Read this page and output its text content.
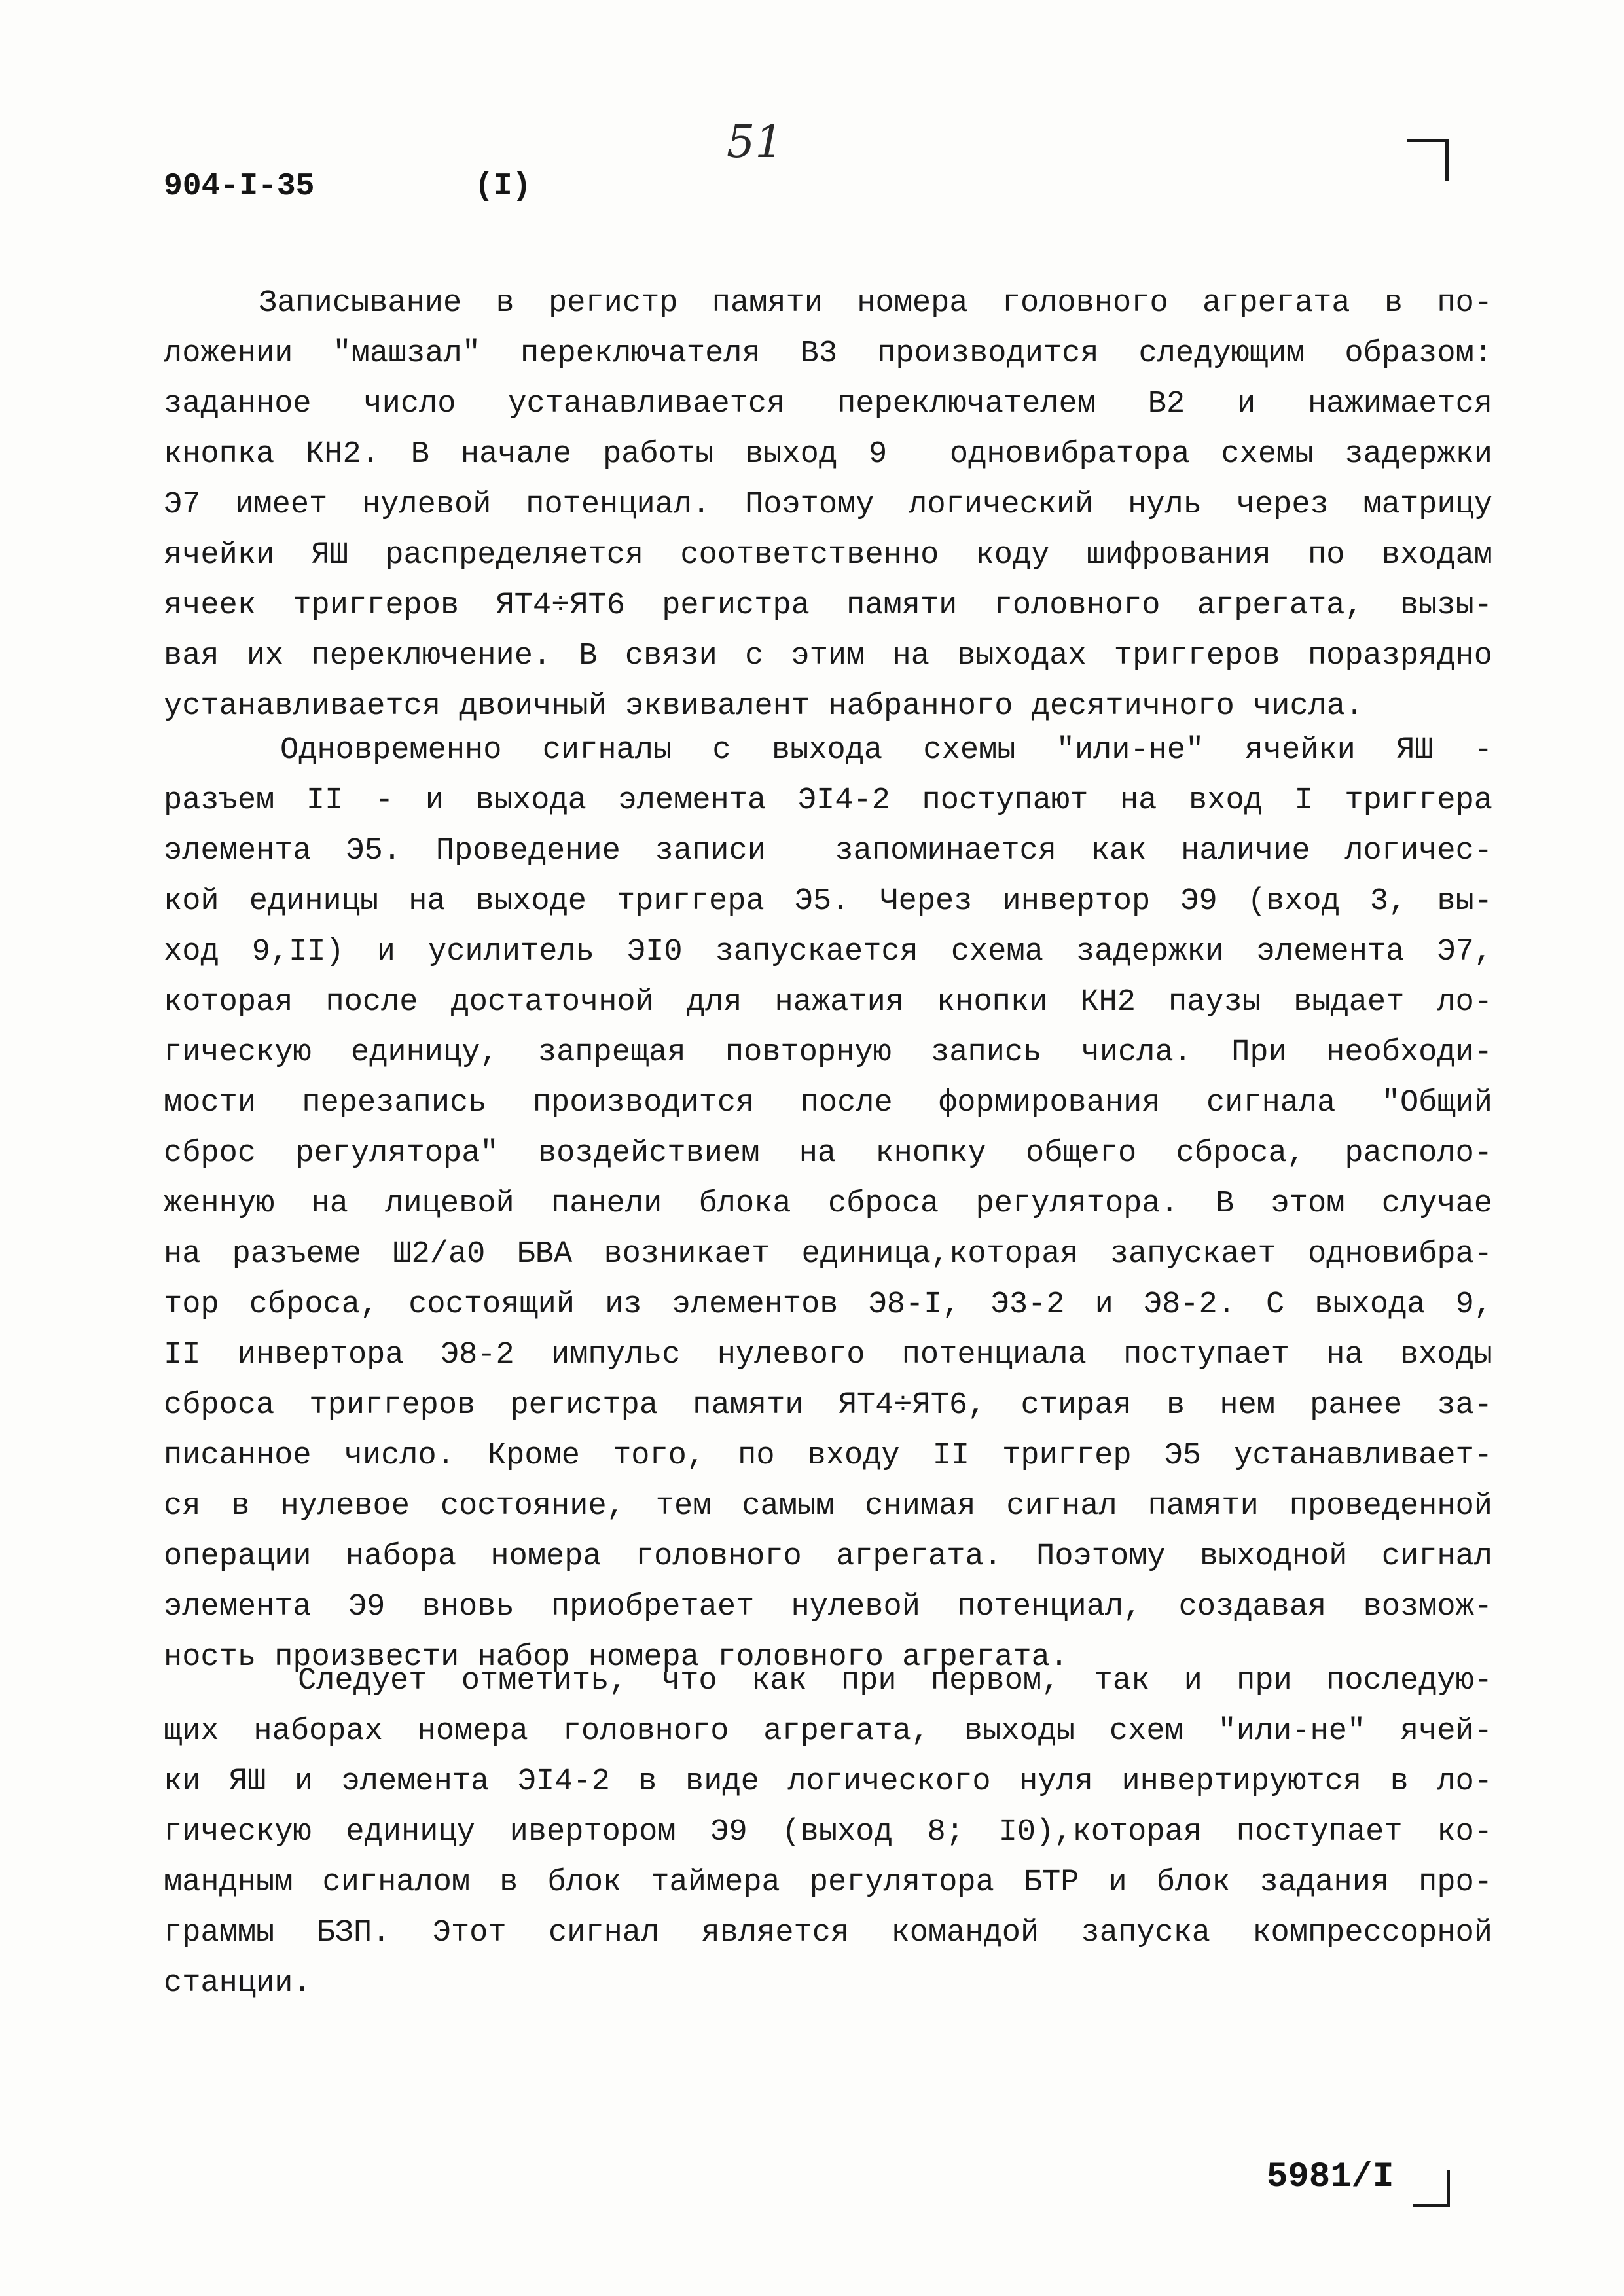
904-I-35	(I)
51
Записывание в регистр памяти номера головного агрегата в по-
ложении "машзал" переключателя В3 производится следующим образом:
заданное число устанавливается переключателем В2 и нажимается
кнопка КН2. В начале работы выход 9  одновибратора схемы задержки
Э7 имеет нулевой потенциал. Поэтому логический нуль через матрицу
ячейки ЯШ распределяется соответственно коду шифрования по входам
ячеек триггеров ЯТ4÷ЯТ6 регистра памяти головного агрегата, вызы-
вая их переключение. В связи с этим на выходах триггеров поразрядно
устанавливается двоичный эквивалент набранного десятичного числа.
Одновременно сигналы с выхода схемы "или-не" ячейки ЯШ -
разъем II - и выхода элемента ЭI4-2 поступают на вход I триггера
элемента Э5. Проведение записи  запоминается как наличие логичес-
кой единицы на выходе триггера Э5. Через инвертор Э9 (вход 3, вы-
ход 9,II) и усилитель ЭI0 запускается схема задержки элемента Э7,
которая после достаточной для нажатия кнопки КН2 паузы выдает ло-
гическую единицу, запрещая повторную запись числа. При необходи-
мости перезапись производится после формирования сигнала "Общий
сброс регулятора" воздействием на кнопку общего сброса, располо-
женную на лицевой панели блока сброса регулятора. В этом случае
на разъеме Ш2/а0 БВА возникает единица,которая запускает одновибра-
тор сброса, состоящий из элементов Э8-I, Э3-2 и Э8-2. С выхода 9,
II инвертора Э8-2 импульс нулевого потенциала поступает на входы
сброса триггеров регистра памяти ЯТ4÷ЯТ6, стирая в нем ранее за-
писанное число. Кроме того, по входу II триггер Э5 устанавливает-
ся в нулевое состояние, тем самым снимая сигнал памяти проведенной
операции набора номера головного агрегата. Поэтому выходной сигнал
элемента Э9 вновь приобретает нулевой потенциал, создавая возмож-
ность произвести набор номера головного агрегата.
Следует отметить, что как при первом, так и при последую-
щих наборах номера головного агрегата, выходы схем "или-не" ячей-
ки ЯШ и элемента ЭI4-2 в виде логического нуля инвертируются в ло-
гическую единицу ивертором Э9 (выход 8; I0),которая поступает ко-
мандным сигналом в блок таймера регулятора БТР и блок задания про-
граммы БЗП. Этот сигнал является командой запуска компрессорной
станции.
5981/I
